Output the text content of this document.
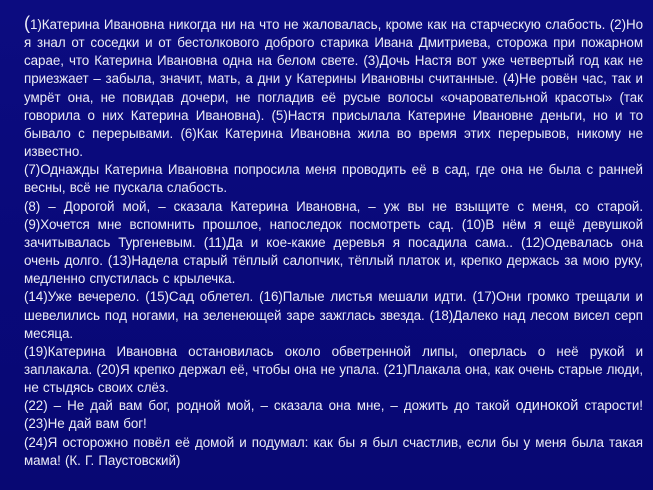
(1)Катерина Ивановна никогда ни на что не жаловалась, кроме как на старческую слабость. (2)Но я знал от соседки и от бестолкового доброго старика Ивана Дмитриева, сторожа при пожарном сарае, что Катерина Ивановна одна на белом свете. (3)Дочь Настя вот уже четвертый год как не приезжает – забыла, значит, мать, а дни у Катерины Ивановны считанные. (4)Не ровён час, так и умрёт она, не повидав дочери, не погладив её русые волосы «очаровательной красоты» (так говорила о них Катерина Ивановна). (5)Настя присылала Катерине Ивановне деньги, но и то бывало с перерывами. (6)Как Катерина Ивановна жила во время этих перерывов, никому не известно.

(7)Однажды Катерина Ивановна попросила меня проводить её в сад, где она не была с ранней весны, всё не пускала слабость.

(8) – Дорогой мой, – сказала Катерина Ивановна, – уж вы не взыщите с меня, со старой. (9)Хочется мне вспомнить прошлое, напоследок посмотреть сад. (10)В нём я ещё девушкой зачитывалась Тургеневым. (11)Да и кое-какие деревья я посадила сама.. (12)Одевалась она очень долго. (13)Надела старый тёплый салопчик, тёплый платок и, крепко держась за мою руку, медленно спустилась с крылечка.

(14)Уже вечерело. (15)Сад облетел. (16)Палые листья мешали идти. (17)Они громко трещали и шевелились под ногами, на зеленеющей заре зажглась звезда. (18)Далеко над лесом висел серп месяца.

(19)Катерина Ивановна остановилась около обветренной липы, оперлась о неё рукой и заплакала. (20)Я крепко держал её, чтобы она не упала. (21)Плакала она, как очень старые люди, не стыдясь своих слёз.

(22) – Не дай вам бог, родной мой, – сказала она мне, – дожить до такой одинокой старости! (23)Не дай вам бог!

(24)Я осторожно повёл её домой и подумал: как бы я был счастлив, если бы у меня была такая мама! (К. Г. Паустовский)
